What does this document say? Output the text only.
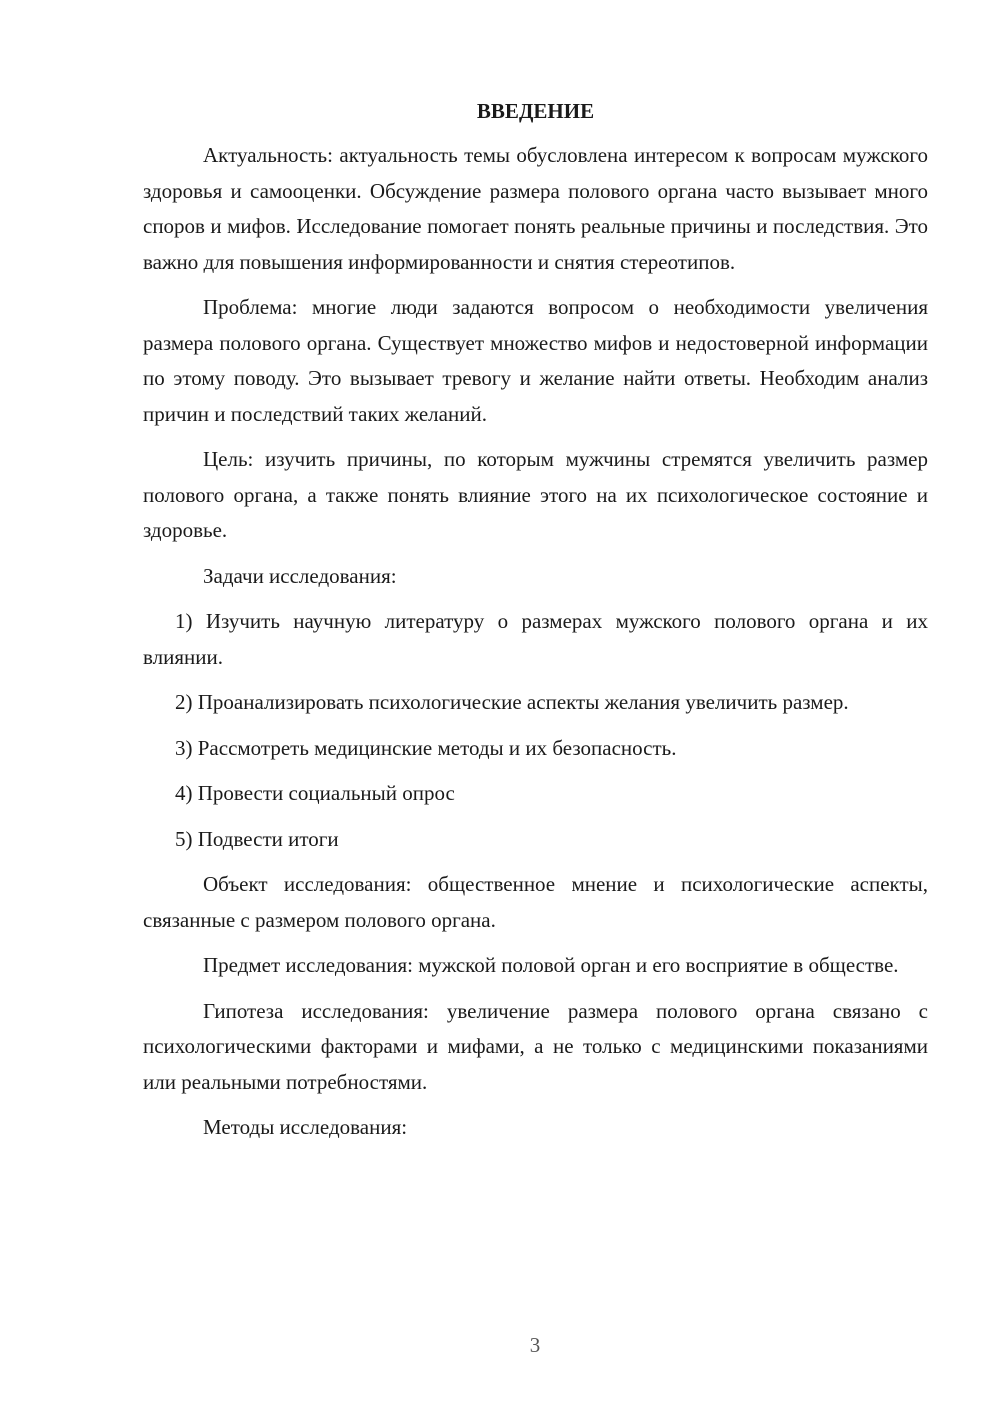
ВВЕДЕНИЕ

Актуальность: актуальность темы обусловлена интересом к вопросам мужского здоровья и самооценки. Обсуждение размера полового органа часто вызывает много споров и мифов. Исследование помогает понять реальные причины и последствия. Это важно для повышения информированности и снятия стереотипов.

Проблема: многие люди задаются вопросом о необходимости увеличения размера полового органа. Существует множество мифов и недостоверной информации по этому поводу. Это вызывает тревогу и желание найти ответы. Необходим анализ причин и последствий таких желаний.

Цель: изучить причины, по которым мужчины стремятся увеличить размер полового органа, а также понять влияние этого на их психологическое состояние и здоровье.

Задачи исследования:

1) Изучить научную литературу о размерах мужского полового органа и их влиянии.

2) Проанализировать психологические аспекты желания увеличить размер.

3) Рассмотреть медицинские методы и их безопасность.

4) Провести социальный опрос

5) Подвести итоги

Объект исследования: общественное мнение и психологические аспекты, связанные с размером полового органа.

Предмет исследования: мужской половой орган и его восприятие в обществе.

Гипотеза исследования: увеличение размера полового органа связано с психологическими факторами и мифами, а не только с медицинскими показаниями или реальными потребностями.

Методы исследования:

3
